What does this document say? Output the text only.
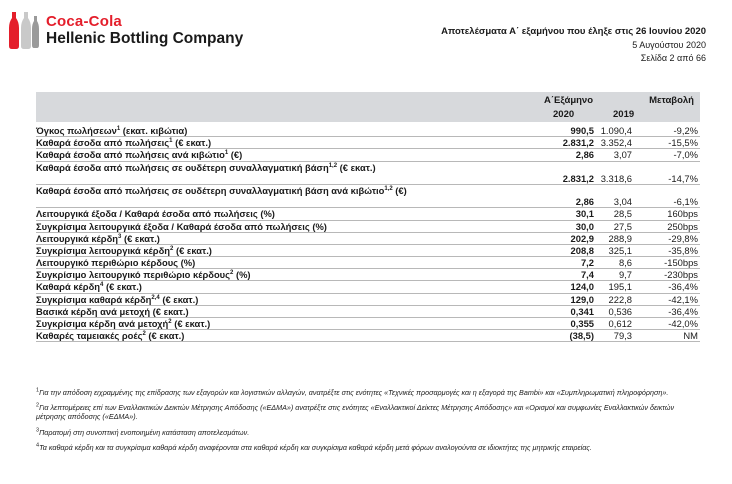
Coca-Cola
Hellenic Bottling Company	Αποτελέσματα Α΄ εξαμήνου που έληξε στις 26 Ιουνίου 2020
5 Αυγούστου 2020
Σελίδα 2 από 66
Α΄Εξάμηνο	Μεταβολή
2020	2019
Όγκος πωλήσεων$^1$ (εκατ. κιβώτια)	990,5 1.090,4	-9,2%
Καθαρά έσοδα από πωλήσεις$^1$ (€ εκατ.)	2.831,2 3.352,4	-15,5%
Καθαρά έσοδα από πωλήσεις ανά κιβώτιο$^1$ (€)	2,86	3,07	-7,0%
Καθαρά έσοδα από πωλήσεις σε ουδέτερη συναλλαγματική βάση$^{1,2}$ (€ εκατ.)
2.831,2 3.318,6	-14,7%
Καθαρά έσοδα από πωλήσεις σε ουδέτερη συναλλαγματική βάση ανά κιβώτιο$^{1,2}$ (€)
2,86	3,04	-6,1%
Λειτουργικά έξοδα / Καθαρά έσοδα από πωλήσεις (%)	30,1	28,5	160bps
Συγκρίσιμα λειτουργικά έξοδα / Καθαρά έσοδα από πωλήσεις (%)	30,0	27,5	250bps
Λειτουργικά κέρδη$^3$ (€ εκατ.)	202,9	288,9	-29,8%
Συγκρίσιμα λειτουργικά κέρδη$^2$ (€ εκατ.)	208,8	325,1	-35,8%
Λειτουργικό περιθώριο κέρδους (%)	7,2	8,6	-150bps
Συγκρίσιμο λειτουργικό περιθώριο κέρδους$^2$ (%)	7,4	9,7	-230bps
Καθαρά κέρδη$^4$ (€ εκατ.)	124,0	195,1	-36,4%
Συγκρίσιμα καθαρά κέρδη$^{2,4}$ (€ εκατ.)	129,0	222,8	-42,1%
Βασικά κέρδη ανά μετοχή (€ εκατ.)	0,341	0,536	-36,4%
Συγκρίσιμα κέρδη ανά μετοχή$^2$ (€ εκατ.)	0,355	0,612	-42,0%
Καθαρές ταμειακές ροές$^2$ (€ εκατ.)	(38,5)	79,3	NM
$^1$Για την απόδοση ειχραμμένης της επίδρασης των εξαγορών και λογιστικών αλλαγών, ανατρέξτε στις ενότητες «Τεχνικές προσαρμογές και η εξαγορά της Bambi» και «Συμπληρωματική πληροφόρηση».
$^2$Για λεπτομέρειες επί των Εναλλακτικών Δεικτών Μέτρησης Απόδοσης («ΕΔΜΑ») ανατρέξτε στις ενότητες «Εναλλακτικοί Δείκτες Μέτρησης Απόδοσης» και «Ορισμοί και συμφωνίες Εναλλακτικών δεικτών μέτρησης απόδοσης («ΕΔΜΑ»).
$^3$Παρατομή στη συνοπτική ενοποιημένη κατάσταση αποτελεσμάτων.
$^4$Τα καθαρά κέρδη και τα συγκρίσιμα καθαρά κέρδη αναφέρονται στα καθαρά κέρδη και συγκρίσιμα καθαρά κέρδη μετά φόρων αναλογούντα σε ιδιοκτήτες της μητρικής εταιρείας.
